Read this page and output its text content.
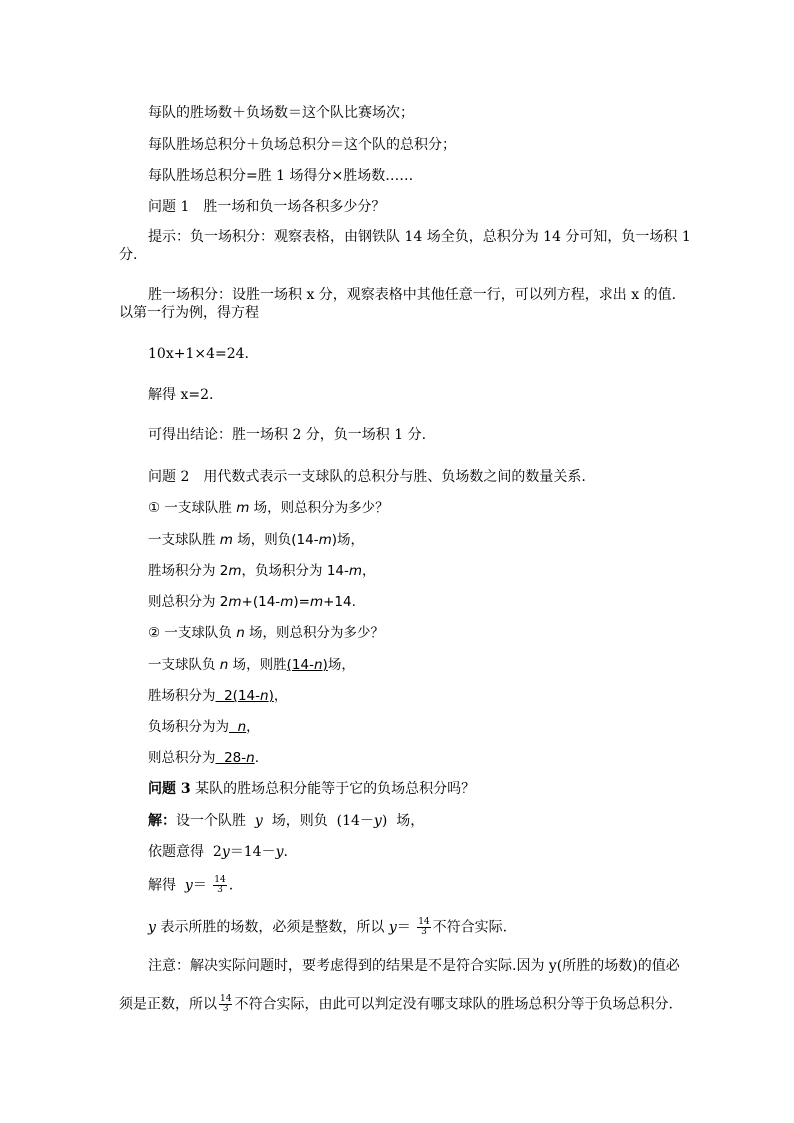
每队的胜场数＋负场数＝这个队比赛场次；
每队胜场总积分＋负场总积分＝这个队的总积分；
每队胜场总积分=胜 1 场得分×胜场数……
问题 1　胜一场和负一场各积多少分？
提示：负一场积分：观察表格，由钢铁队 14 场全负，总积分为 14 分可知，负一场积 1
分.
胜一场积分：设胜一场积 x 分，观察表格中其他任意一行，可以列方程，求出 x 的值.
以第一行为例，得方程
10x+1×4=24.
解得 x=2.
可得出结论：胜一场积 2 分，负一场积 1 分.
问题 2　用代数式表示一支球队的总积分与胜、负场数之间的数量关系.
① 一支球队胜 m 场，则总积分为多少？
一支球队胜 m 场，则负(14-m)场，
胜场积分为 2m，负场积分为 14-m，
则总积分为 2m+(14-m)=m+14.
② 一支球队负 n 场，则总积分为多少？
一支球队负 n 场，则胜(14-n)场，
胜场积分为  2(14-n)，
负场积分为为 n，
则总积分为  28-n.
问题 3 某队的胜场总积分能等于它的负场总积分吗？
解：设一个队胜  y  场，则负  (14－y)  场，
依题意得  2y＝14－y.
解得  $y= \frac{14}{3}$ .
y 表示所胜的场数，必须是整数，所以 $y= \frac{14}{3}$ 不符合实际.
注意：解决实际问题时，要考虑得到的结果是不是符合实际.因为 y(所胜的场数)的值必
须是正数，所以 $\frac{14}{3}$ 不符合实际，由此可以判定没有哪支球队的胜场总积分等于负场总积分.
